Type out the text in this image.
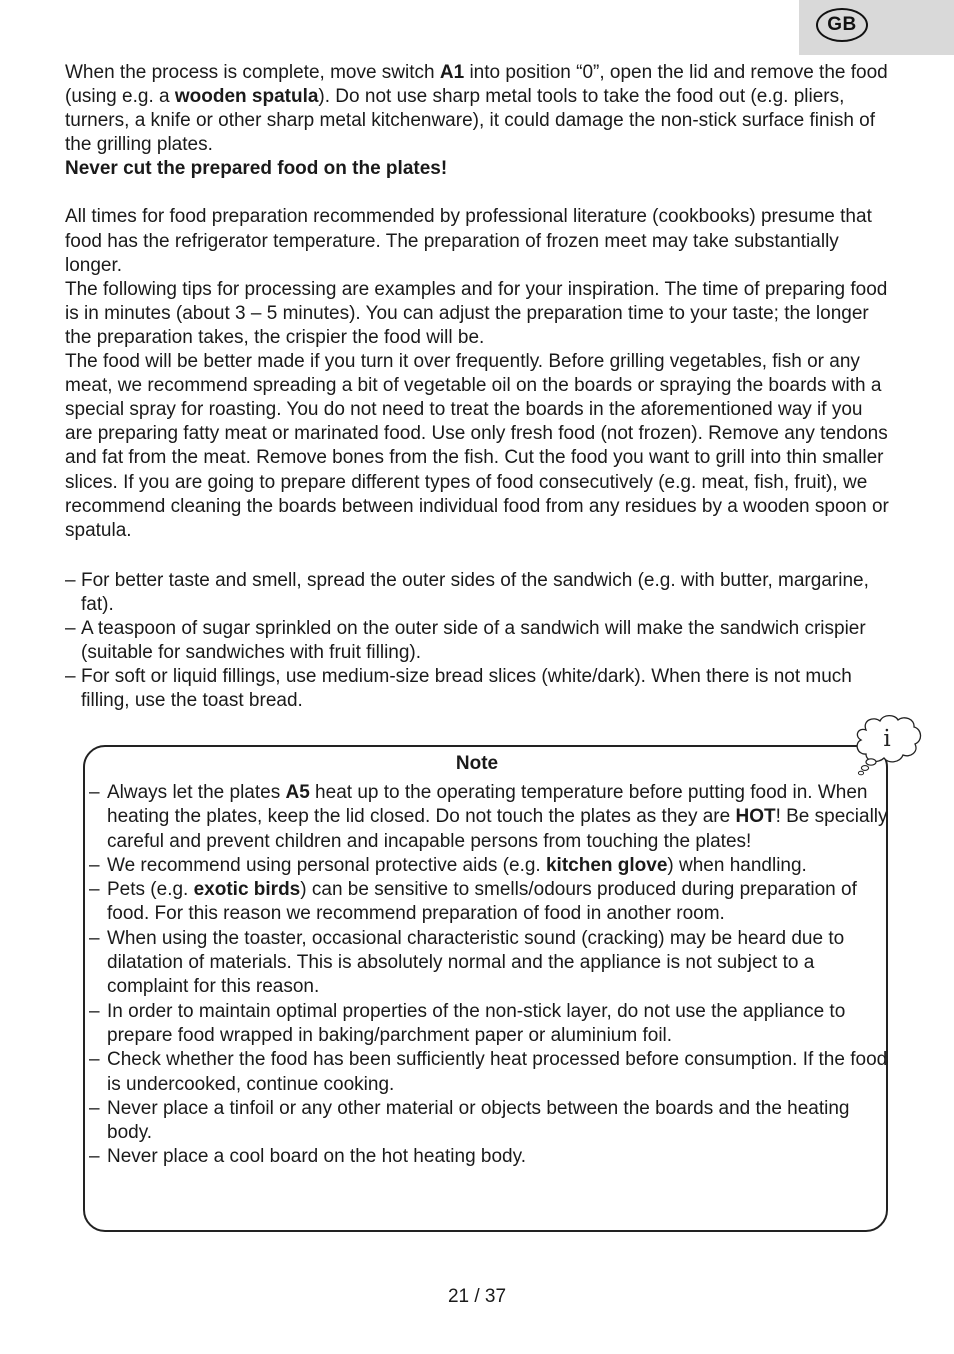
GB

When the process is complete, move switch A1 into position “0”, open the lid and remove the food (using e.g. a wooden spatula). Do not use sharp metal tools to take the food out (e.g. pliers, turners, a knife or other sharp metal kitchenware), it could damage the non-stick surface finish of the grilling plates.

Never cut the prepared food on the plates!

All times for food preparation recommended by professional literature (cookbooks) presume that food has the refrigerator temperature. The preparation of frozen meet may take substantially longer.

The following tips for processing are examples and for your inspiration. The time of preparing food is in minutes (about 3 – 5 minutes). You can adjust the preparation time to your taste; the longer the preparation takes, the crispier the food will be.

The food will be better made if you turn it over frequently. Before grilling vegetables, fish or any meat, we recommend spreading a bit of vegetable oil on the boards or spraying the boards with a special spray for roasting. You do not need to treat the boards in the aforementioned way if you are preparing fatty meat or marinated food. Use only fresh food (not frozen). Remove any tendons and fat from the meat. Remove bones from the fish. Cut the food you want to grill into thin smaller slices. If you are going to prepare different types of food consecutively (e.g. meat, fish, fruit), we recommend cleaning the boards between individual food from any residues by a wooden spoon or spatula.

– For better taste and smell, spread the outer sides of the sandwich (e.g. with butter, margarine, fat).
– A teaspoon of sugar sprinkled on the outer side of a sandwich will make the sandwich crispier (suitable for sandwiches with fruit filling).
– For soft or liquid fillings, use medium-size bread slices (white/dark). When there is not much filling, use the toast bread.
i
Note
– Always let the plates A5 heat up to the operating temperature before putting food in. When heating the plates, keep the lid closed. Do not touch the plates as they are HOT! Be specially careful and prevent children and incapable persons from touching the plates!
– We recommend using personal protective aids (e.g. kitchen glove) when handling.
– Pets (e.g. exotic birds) can be sensitive to smells/odours produced during preparation of food. For this reason we recommend preparation of food in another room.
– When using the toaster, occasional characteristic sound (cracking) may be heard due to dilatation of materials. This is absolutely normal and the appliance is not subject to a complaint for this reason.
– In order to maintain optimal properties of the non-stick layer, do not use the appliance to prepare food wrapped in baking/parchment paper or aluminium foil.
– Check whether the food has been sufficiently heat processed before consumption. If the food is undercooked, continue cooking.
– Never place a tinfoil or any other material or objects between the boards and the heating body.
– Never place a cool board on the hot heating body.
21 / 37
